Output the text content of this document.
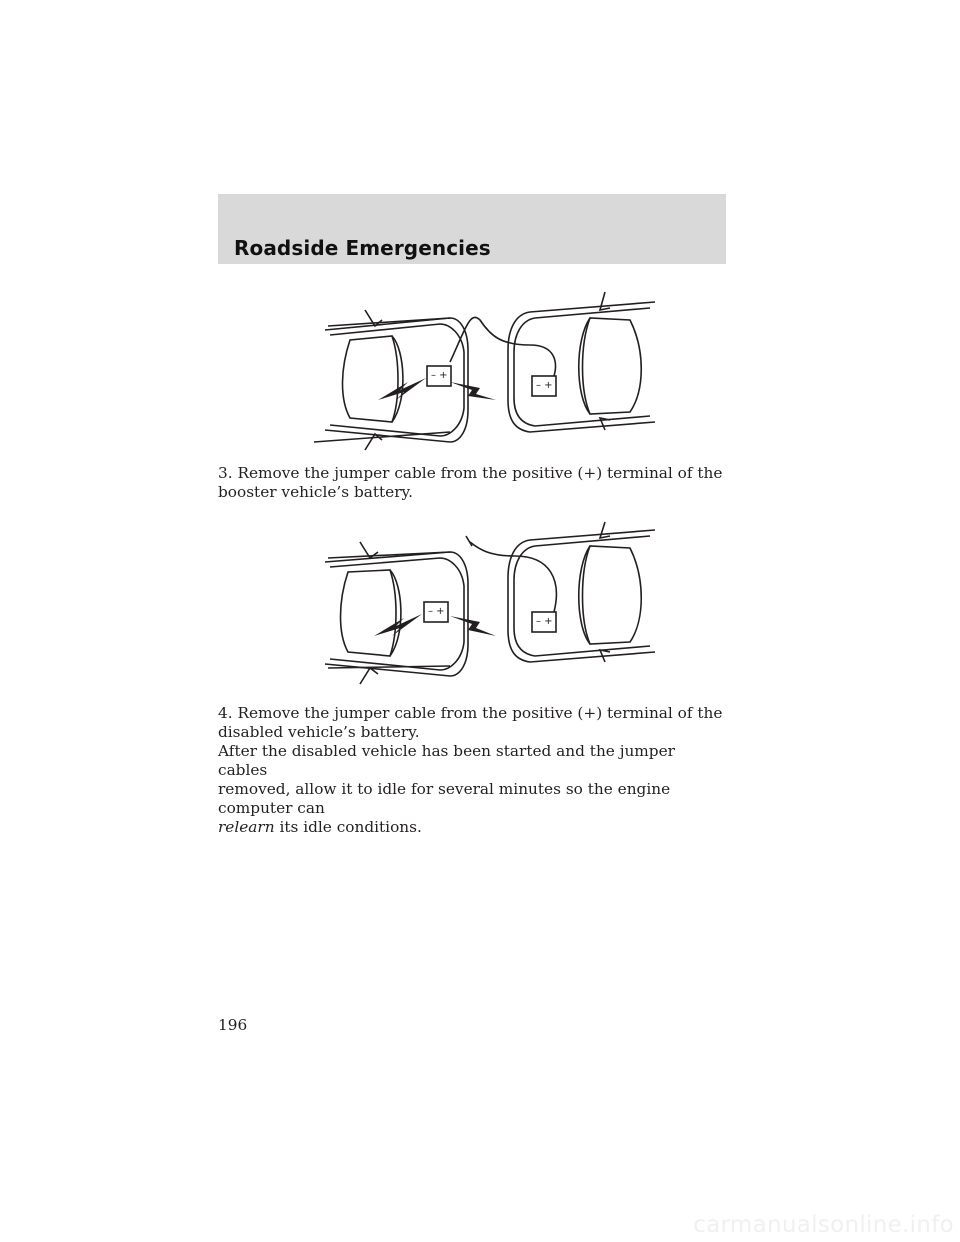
Roadside Emergencies
– +
– +

3. Remove the jumper cable from the positive (+) terminal of the booster vehicle’s battery.

– +
– +

4. Remove the jumper cable from the positive (+) terminal of the
disabled vehicle’s battery.

After the disabled vehicle has been started and the jumper cables
removed, allow it to idle for several minutes so the engine computer can
relearn its idle conditions.

196
carmanualsonline.info
